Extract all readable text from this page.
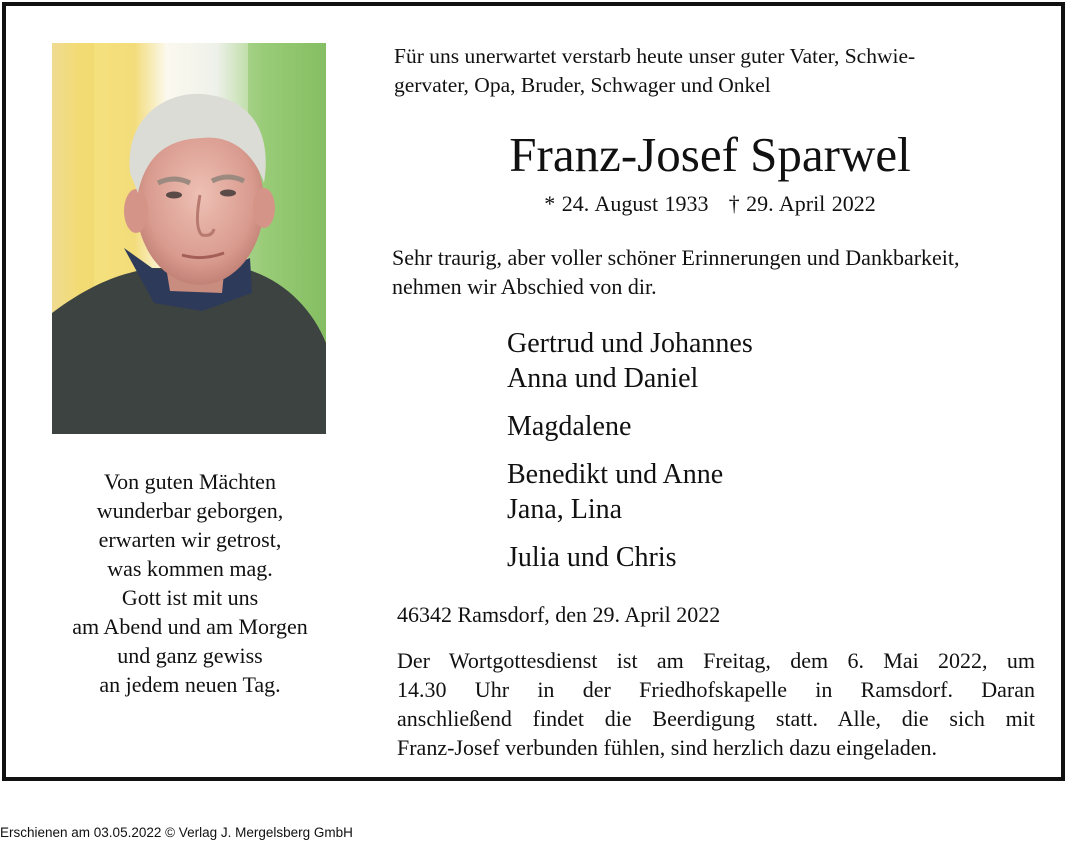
Von guten Mächten
wunderbar geborgen,
erwarten wir getrost,
was kommen mag.
Gott ist mit uns
am Abend und am Morgen
und ganz gewiss
an jedem neuen Tag.
Für uns unerwartet verstarb heute unser guter Vater, Schwie-
gervater, Opa, Bruder, Schwager und Onkel
Franz-Josef Sparwel
* 24. August 1933 † 29. April 2022
Sehr traurig, aber voller schöner Erinnerungen und Dankbarkeit,
nehmen wir Abschied von dir.
Gertrud und Johannes
Anna und Daniel
Magdalene
Benedikt und Anne
Jana, Lina
Julia und Chris
46342 Ramsdorf, den 29. April 2022
Der Wortgottesdienst ist am Freitag, dem 6. Mai 2022, um
14.30 Uhr in der Friedhofskapelle in Ramsdorf. Daran
anschließend findet die Beerdigung statt. Alle, die sich mit
Franz-Josef verbunden fühlen, sind herzlich dazu eingeladen.
Erschienen am 03.05.2022 © Verlag J. Mergelsberg GmbH
